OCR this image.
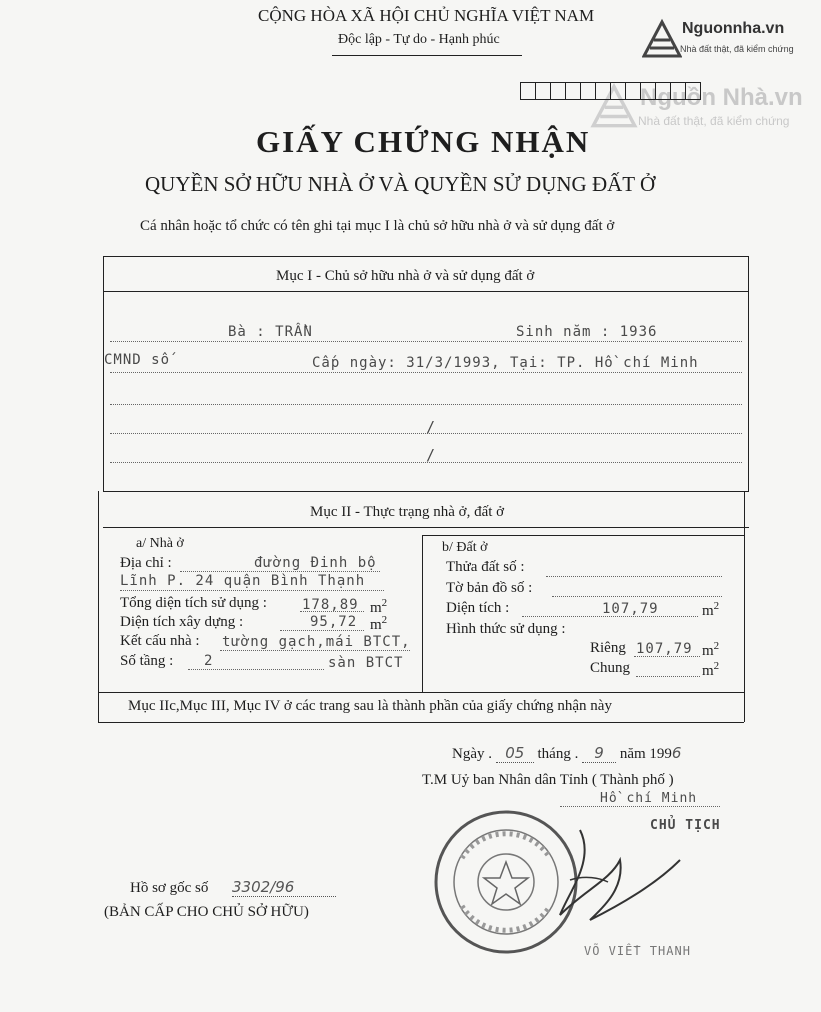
Nguonnha.vn
Nhà đất thật, đã kiểm chứng
Nguồn Nhà.vn
Nhà đất thật, đã kiểm chứng
CỘNG HÒA XÃ HỘI CHỦ NGHĨA VIỆT NAM
Độc lập - Tự do - Hạnh phúc
GIẤY CHỨNG NHẬN
QUYỀN SỞ HỮU NHÀ Ở VÀ QUYỀN SỬ DỤNG ĐẤT Ở
Cá nhân hoặc tổ chức có tên ghi tại mục I là chủ sở hữu nhà ở và sử dụng đất ở
Mục I - Chủ sở hữu nhà ở và sử dụng đất ở
Bà : TRẦN	Sinh năm : 1936
CMND số	Cấp ngày: 31/3/1993, Tại: TP. Hồ chí Minh
/
/
Mục II - Thực trạng nhà ở, đất ở
a/ Nhà ở
Địa chỉ :	đường Đinh bộ
Lĩnh P. 24 quận Bình Thạnh
Tổng diện tích sử dụng :	178,89 $m^2$
Diện tích xây dựng :	95,72 $m^2$
Kết cấu nhà : tường gạch,mái BTCT,
Số tầng : 2	sàn BTCT
b/ Đất ở
Thửa đất số :
Tờ bản đồ số :
Diện tích :	107,79	$m^2$
Hình thức sử dụng :
Riêng 107,79 $m^2$
Chung	$m^2$
Mục IIc,Mục III, Mục IV ở các trang sau là thành phần của giấy chứng nhận này
Ngày . 05 tháng . 9 năm 1996
T.M Uỷ ban Nhân dân Tỉnh ( Thành phố )
Hồ chí Minh
CHỦ TỊCH
VÕ VIẾT THANH
Hồ sơ gốc số 3302/96
(BẢN CẤP CHO CHỦ SỞ HỮU)
